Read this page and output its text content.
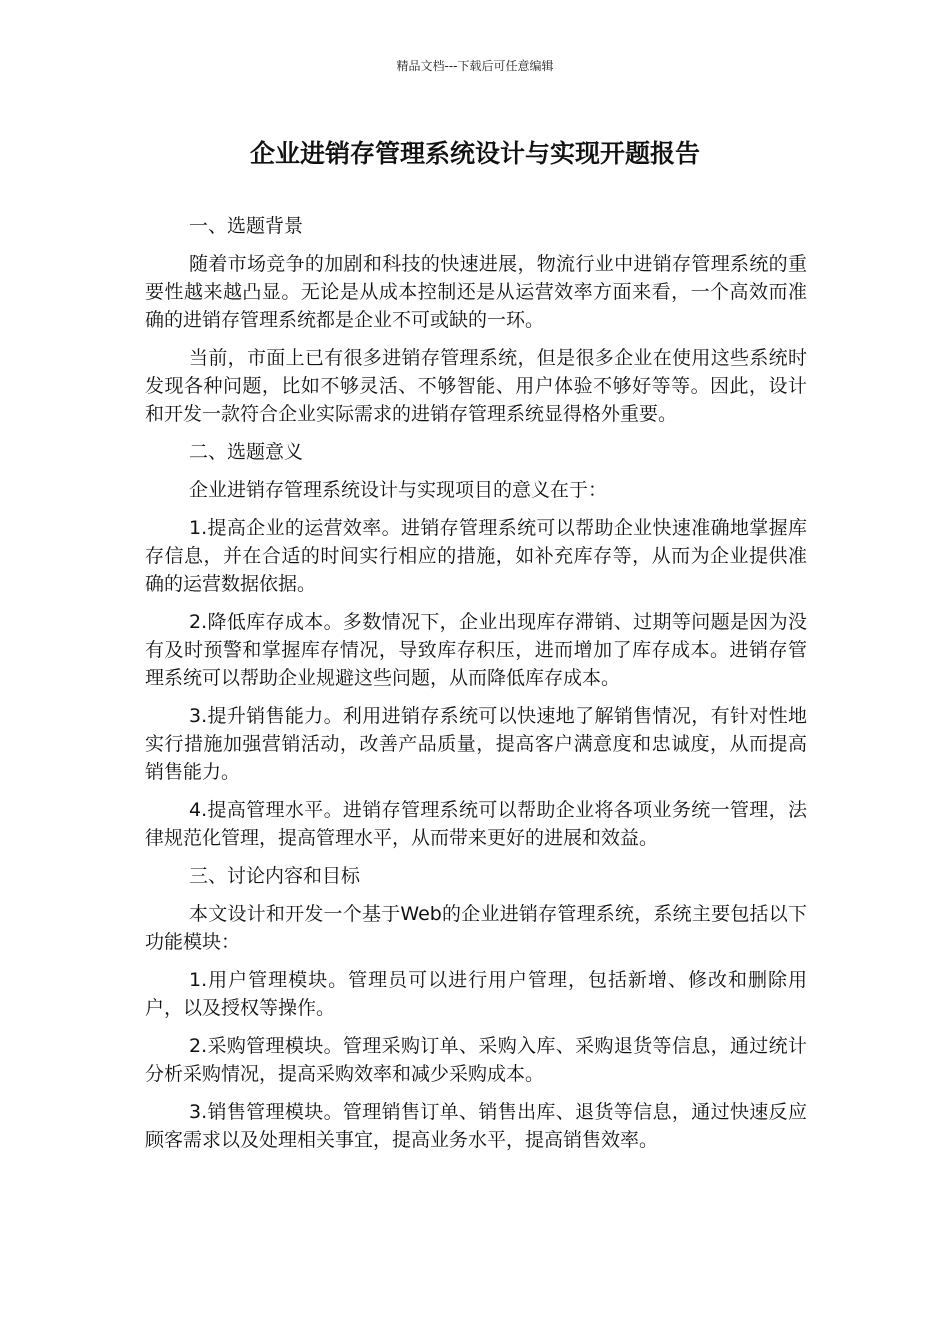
精品文档---下载后可任意编辑
企业进销存管理系统设计与实现开题报告
一、选题背景

随着市场竞争的加剧和科技的快速进展，物流行业中进销存管理系统的重要性越来越凸显。无论是从成本控制还是从运营效率方面来看，一个高效而准确的进销存管理系统都是企业不可或缺的一环。

当前，市面上已有很多进销存管理系统，但是很多企业在使用这些系统时发现各种问题，比如不够灵活、不够智能、用户体验不够好等等。因此，设计和开发一款符合企业实际需求的进销存管理系统显得格外重要。

二、选题意义

企业进销存管理系统设计与实现项目的意义在于：

1.提高企业的运营效率。进销存管理系统可以帮助企业快速准确地掌握库存信息，并在合适的时间实行相应的措施，如补充库存等，从而为企业提供准确的运营数据依据。

2.降低库存成本。多数情况下，企业出现库存滞销、过期等问题是因为没有及时预警和掌握库存情况，导致库存积压，进而增加了库存成本。进销存管理系统可以帮助企业规避这些问题，从而降低库存成本。

3.提升销售能力。利用进销存系统可以快速地了解销售情况，有针对性地实行措施加强营销活动，改善产品质量，提高客户满意度和忠诚度，从而提高销售能力。

4.提高管理水平。进销存管理系统可以帮助企业将各项业务统一管理，法律规范化管理，提高管理水平，从而带来更好的进展和效益。

三、讨论内容和目标

本文设计和开发一个基于Web的企业进销存管理系统，系统主要包括以下功能模块：

1.用户管理模块。管理员可以进行用户管理，包括新增、修改和删除用户，以及授权等操作。

2.采购管理模块。管理采购订单、采购入库、采购退货等信息，通过统计分析采购情况，提高采购效率和减少采购成本。

3.销售管理模块。管理销售订单、销售出库、退货等信息，通过快速反应顾客需求以及处理相关事宜，提高业务水平，提高销售效率。
